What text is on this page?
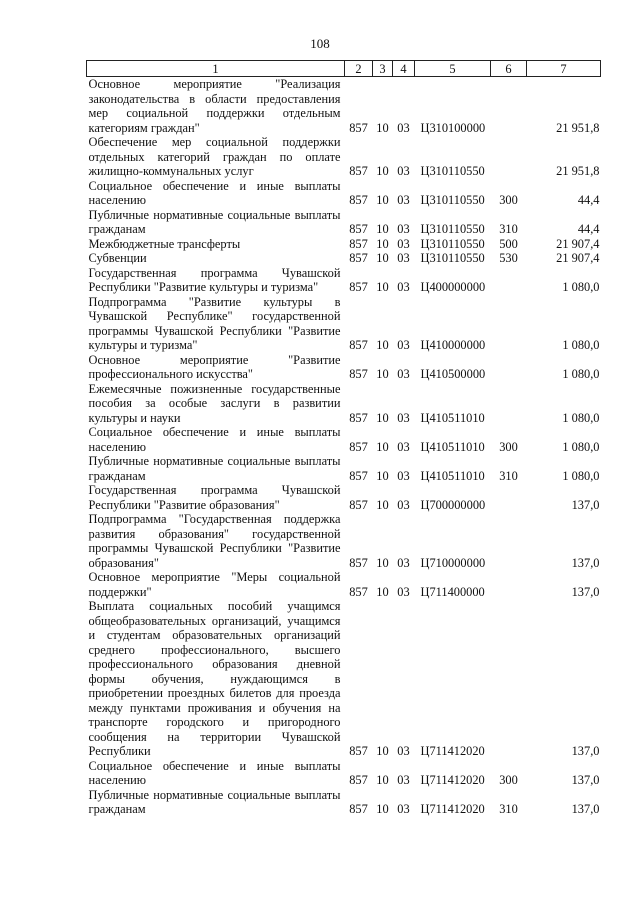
108
1	2	3	4	5	6	7
Основное мероприятие "Реализация законодательства в области предоставления мер социальной поддержки отдельным категориям граждан"	857	10	03	Ц310100000		21 951,8
Обеспечение мер социальной поддержки отдельных категорий граждан по оплате жилищно-коммунальных услуг	857	10	03	Ц310110550		21 951,8
Социальное обеспечение и иные выплаты населению	857	10	03	Ц310110550	300	44,4
Публичные нормативные социальные выплаты гражданам	857	10	03	Ц310110550	310	44,4
Межбюджетные трансферты	857	10	03	Ц310110550	500	21 907,4
Субвенции	857	10	03	Ц310110550	530	21 907,4
Государственная программа Чувашской Республики "Развитие культуры и туризма"	857	10	03	Ц400000000		1 080,0
Подпрограмма "Развитие культуры в Чувашской Республике" государственной программы Чувашской Республики "Развитие культуры и туризма"	857	10	03	Ц410000000		1 080,0
Основное мероприятие "Развитие профессионального искусства"	857	10	03	Ц410500000		1 080,0
Ежемесячные пожизненные государственные пособия за особые заслуги в развитии культуры и науки	857	10	03	Ц410511010		1 080,0
Социальное обеспечение и иные выплаты населению	857	10	03	Ц410511010	300	1 080,0
Публичные нормативные социальные выплаты гражданам	857	10	03	Ц410511010	310	1 080,0
Государственная программа Чувашской Республики "Развитие образования"	857	10	03	Ц700000000		137,0
Подпрограмма "Государственная поддержка развития образования" государственной программы Чувашской Республики "Развитие образования"	857	10	03	Ц710000000		137,0
Основное мероприятие "Меры социальной поддержки"	857	10	03	Ц711400000		137,0
Выплата социальных пособий учащимся общеобразовательных организаций, учащимся и студентам образовательных организаций среднего профессионального, высшего профессионального образования дневной формы обучения, нуждающимся в приобретении проездных билетов для проезда между пунктами проживания и обучения на транспорте городского и пригородного сообщения на территории Чувашской Республики	857	10	03	Ц711412020		137,0
Социальное обеспечение и иные выплаты населению	857	10	03	Ц711412020	300	137,0
Публичные нормативные социальные выплаты гражданам	857	10	03	Ц711412020	310	137,0
